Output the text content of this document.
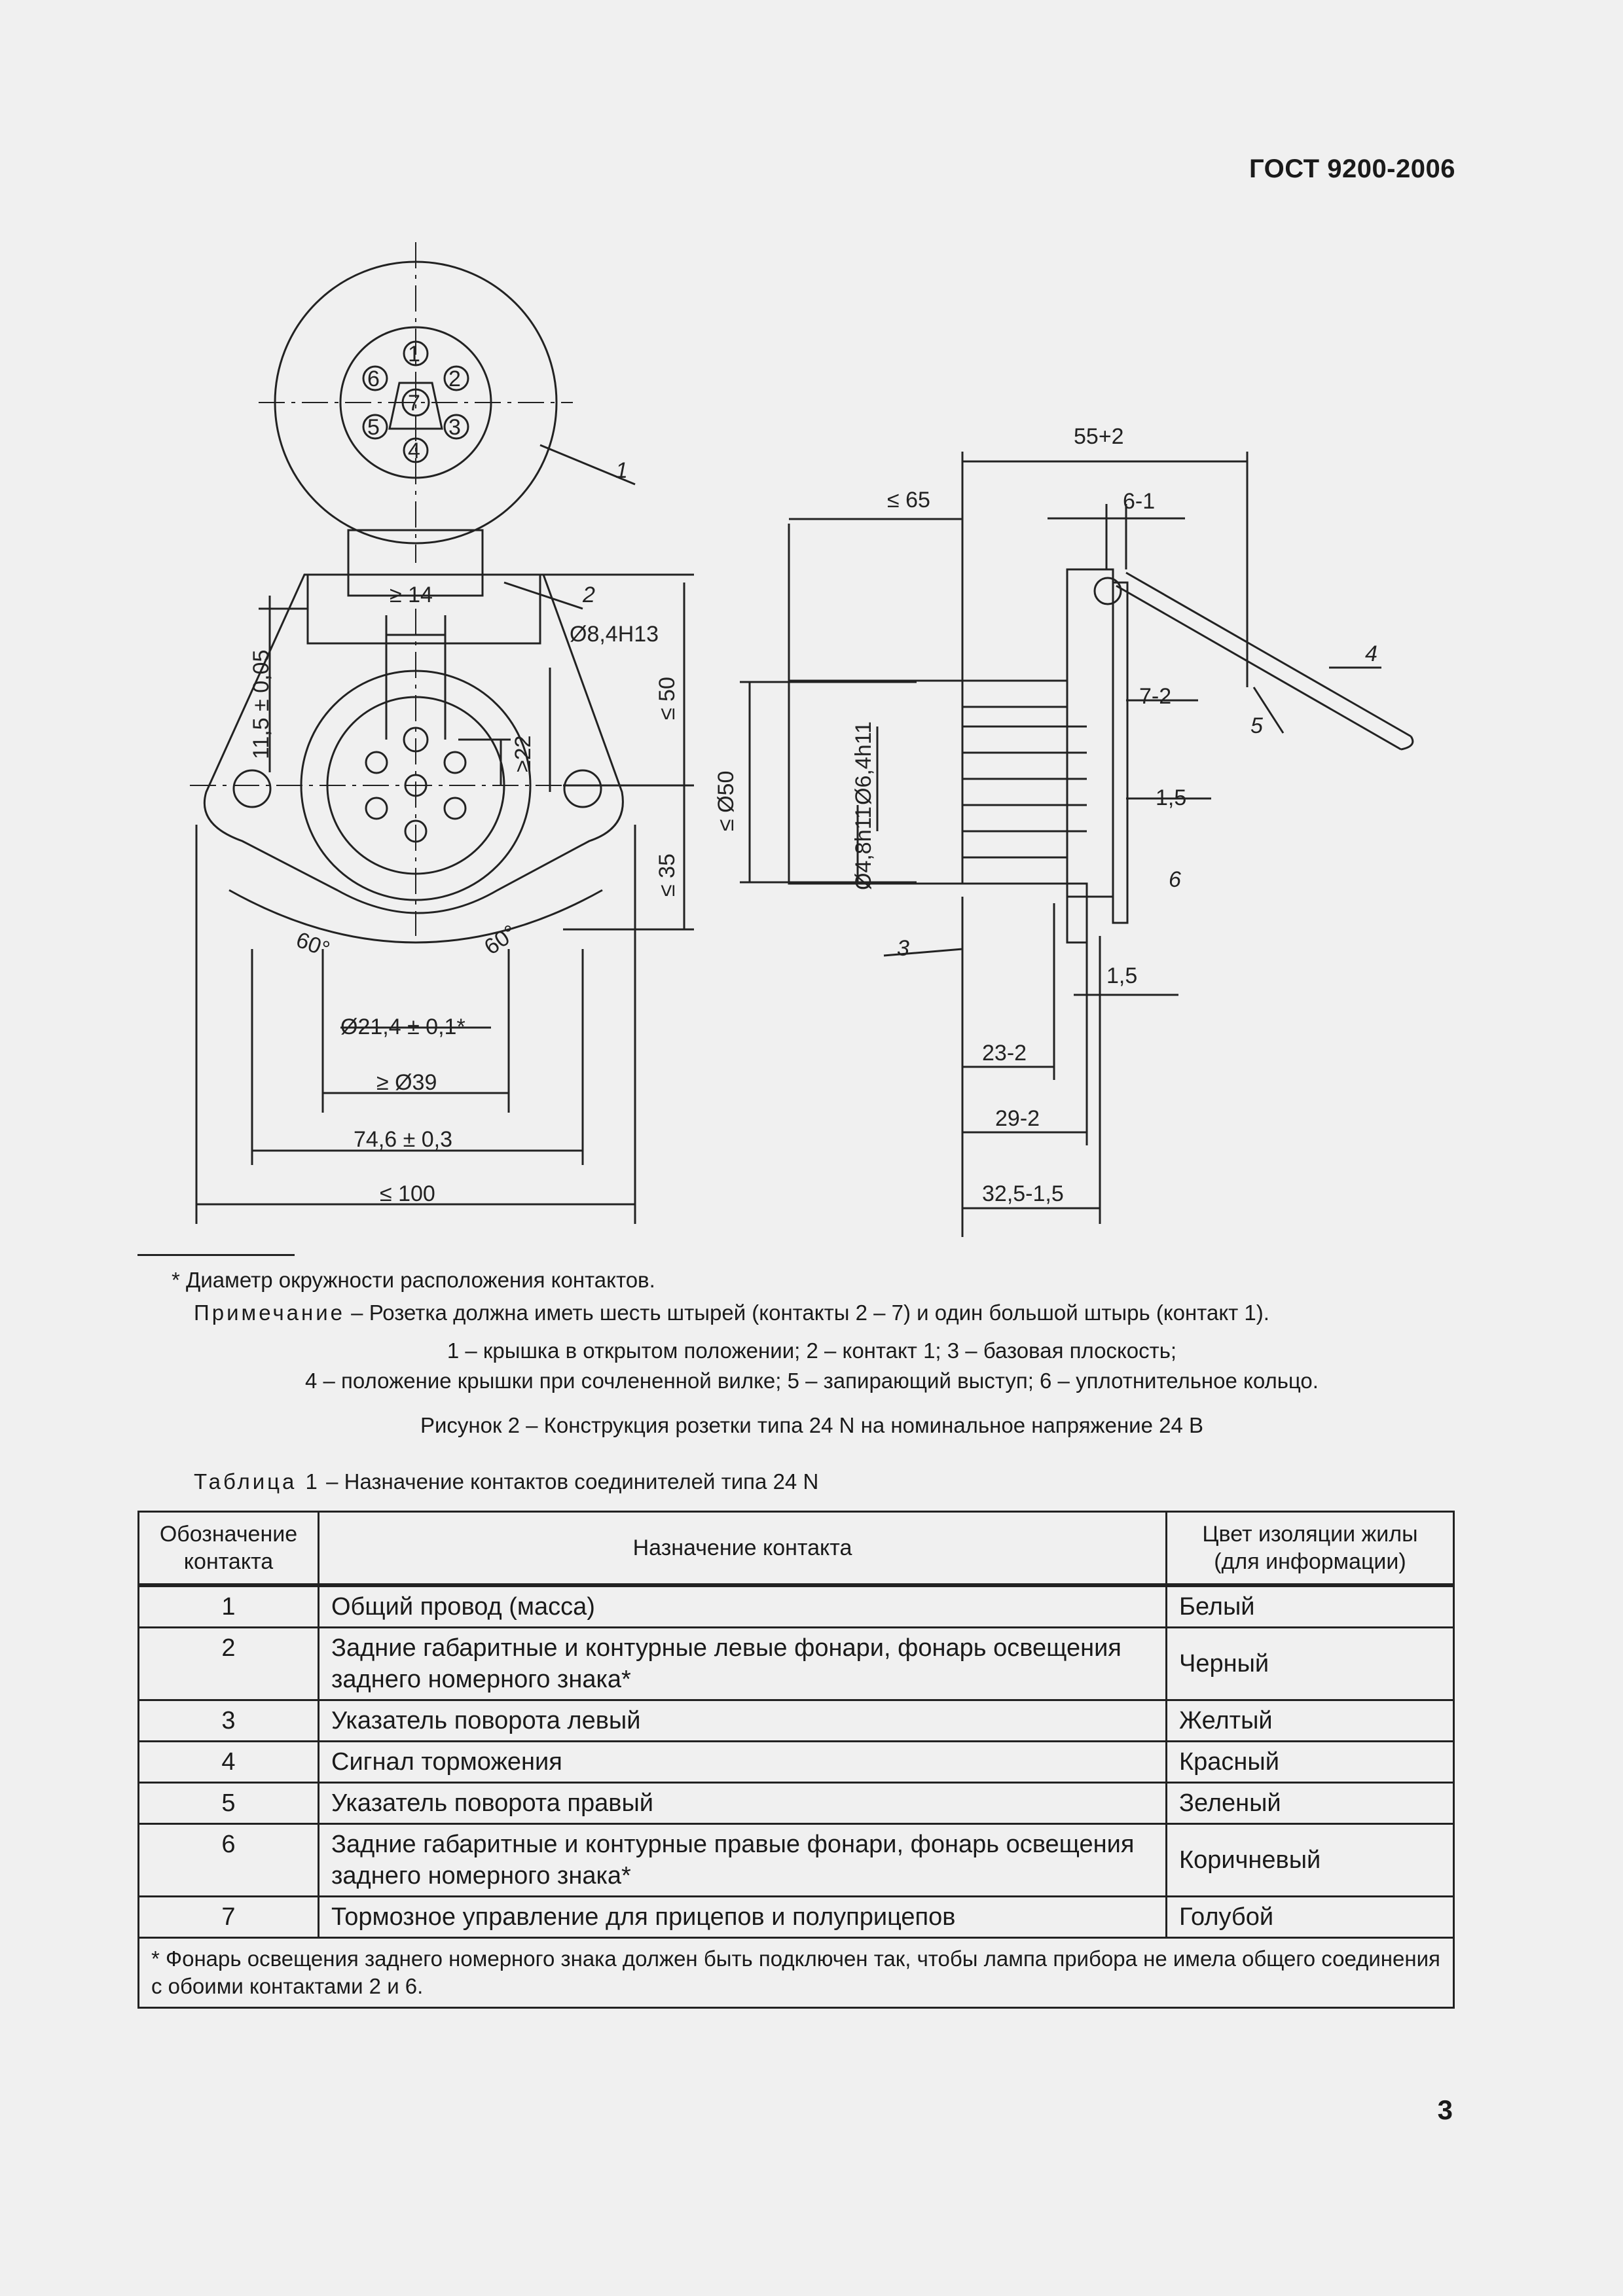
ГОСТ 9200-2006
1
2
3
4
5
6
7
1
2
3
4
5
6
≥ 14
Ø8,4H13
11,5 ± 0,05	≤ 50
≥22
≤ 35
60°	60°
Ø21,4 ± 0,1*
≥ Ø39
74,6 ± 0,3
≤ 100
55+2
≤ 65	6-1
7-2
1,5
1,5
Ø6,4h11
Ø4,8h11
≤ Ø50
23-2
29-2
32,5-1,5
* Диаметр окружности расположения контактов.
Примечание – Розетка должна иметь шесть штырей (контакты 2 – 7) и один большой штырь (контакт 1).
1 – крышка в открытом положении; 2 – контакт 1; 3 – базовая плоскость;
4 – положение крышки при сочлененной вилке; 5 – запирающий выступ; 6 – уплотнительное кольцо.
Рисунок 2 – Конструкция розетки типа 24 N на номинальное напряжение 24 В
Таблица 1 – Назначение контактов соединителей типа 24 N
Обозначение контакта	Назначение контакта	Цвет изоляции жилы (для информации)
1	Общий провод (масса)	Белый
2	Задние габаритные и контурные левые фонари, фонарь освещения заднего номерного знака*	Черный
3	Указатель поворота левый	Желтый
4	Сигнал торможения	Красный
5	Указатель поворота правый	Зеленый
6	Задние габаритные и контурные правые фонари, фонарь освещения заднего номерного знака*	Коричневый
7	Тормозное управление для прицепов и полуприцепов	Голубой
* Фонарь освещения заднего номерного знака должен быть подключен так, чтобы лампа прибора не имела общего соединения с обоими контактами 2 и 6.		
3
